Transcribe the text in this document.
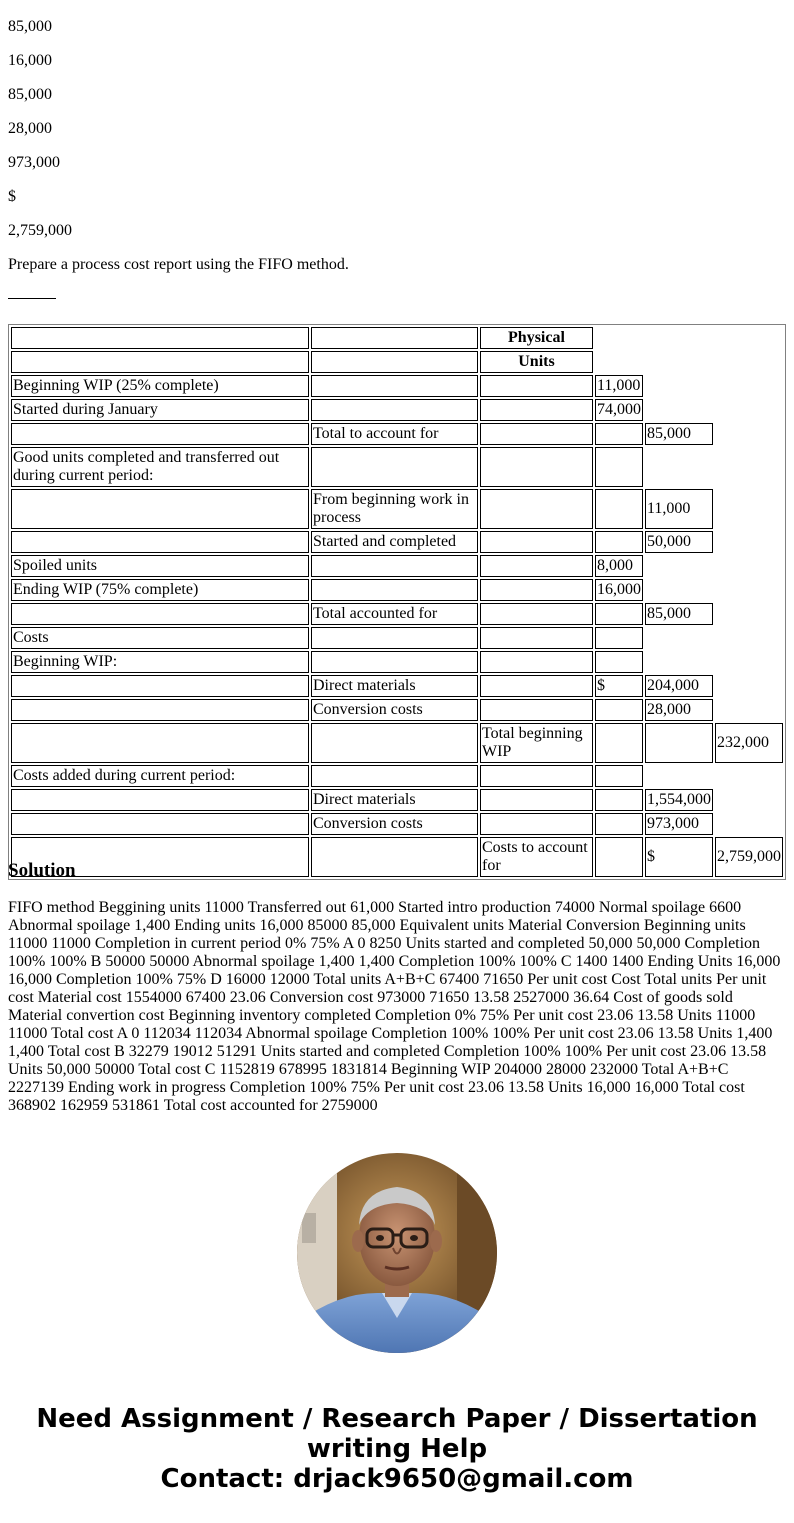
85,000

16,000

85,000

28,000

973,000

$

2,759,000

Prepare a process cost report using the FIFO method.

		Physical			
		Units			
Beginning WIP (25% complete)			11,000		
Started during January			74,000		
	Total to account for			85,000	
Good units completed and transferred out during current period:					
	From beginning work in process			11,000	
	Started and completed			50,000	
Spoiled units			8,000		
Ending WIP (75% complete)			16,000		
	Total accounted for			85,000	
Costs					
Beginning WIP:					
	Direct materials		$	204,000	
	Conversion costs			28,000	
		Total beginning WIP			232,000
Costs added during current period:					
	Direct materials			1,554,000	
	Conversion costs			973,000	
		Costs to account for		$	2,759,000
Solution

FIFO method Beggining units 11000 Transferred out 61,000 Started intro production 74000 Normal spoilage 6600 Abnormal spoilage 1,400 Ending units 16,000 85000 85,000 Equivalent units Material Conversion Beginning units 11000 11000 Completion in current period 0% 75% A 0 8250 Units started and completed 50,000 50,000 Completion 100% 100% B 50000 50000 Abnormal spoilage 1,400 1,400 Completion 100% 100% C 1400 1400 Ending Units 16,000 16,000 Completion 100% 75% D 16000 12000 Total units A+B+C 67400 71650 Per unit cost Cost Total units Per unit cost Material cost 1554000 67400 23.06 Conversion cost 973000 71650 13.58 2527000 36.64 Cost of goods sold Material convertion cost Beginning inventory completed Completion 0% 75% Per unit cost 23.06 13.58 Units 11000 11000 Total cost A 0 112034 112034 Abnormal spoilage Completion 100% 100% Per unit cost 23.06 13.58 Units 1,400 1,400 Total cost B 32279 19012 51291 Units started and completed Completion 100% 100% Per unit cost 23.06 13.58 Units 50,000 50000 Total cost C 1152819 678995 1831814 Beginning WIP 204000 28000 232000 Total A+B+C 2227139 Ending work in progress Completion 100% 75% Per unit cost 23.06 13.58 Units 16,000 16,000 Total cost 368902 162959 531861 Total cost accounted for 2759000

Need Assignment / Research Paper / Dissertation
writing Help
Contact: drjack9650@gmail.com
